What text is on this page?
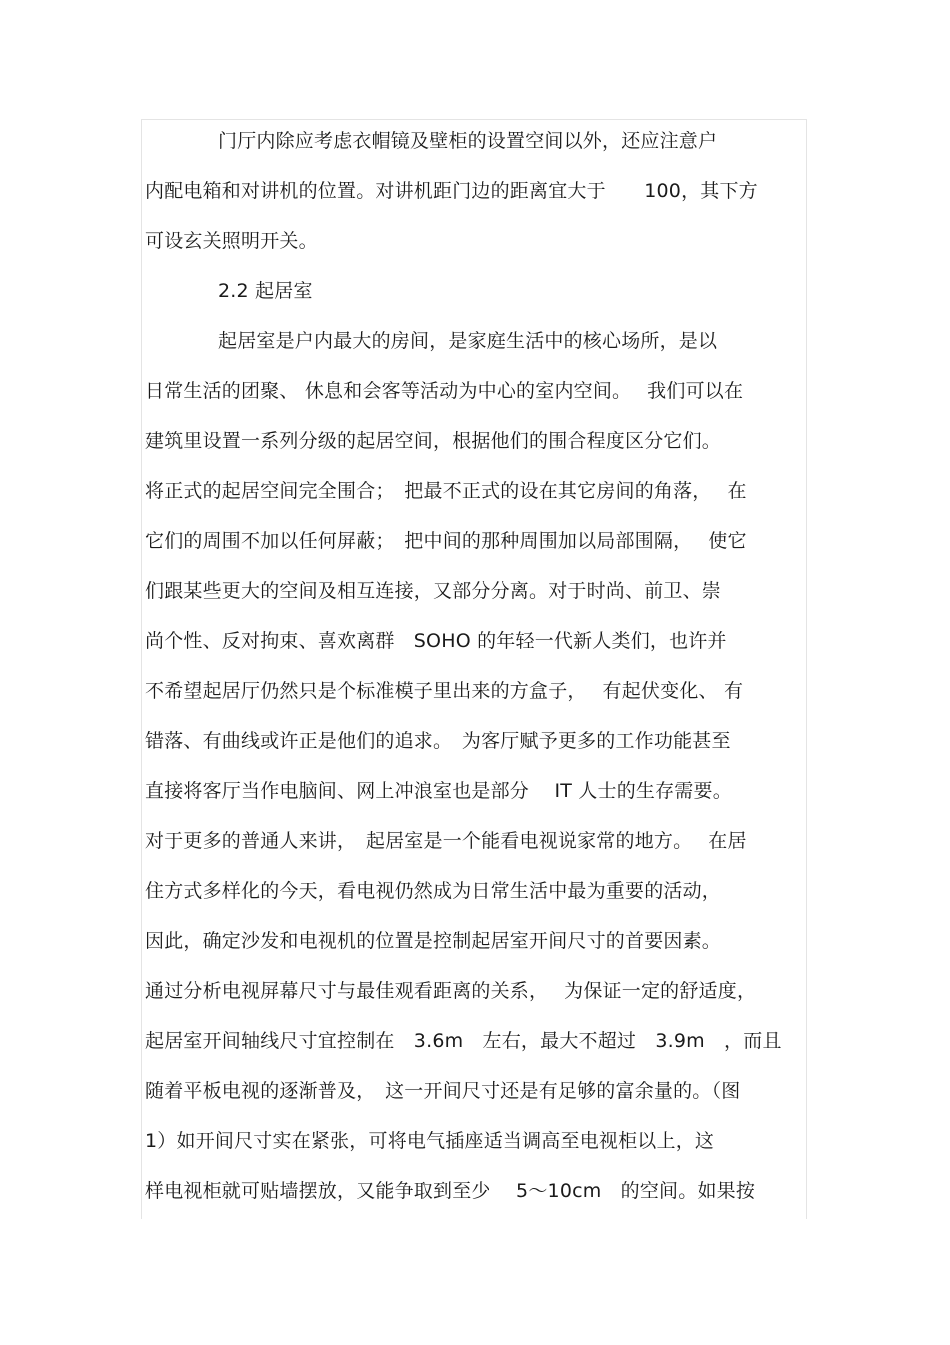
门厅内除应考虑衣帽镜及壁柜的设置空间以外，还应注意户
内配电箱和对讲机的位置。对讲机距门边的距离宜大于　　100，其下方
可设玄关照明开关。
2.2 起居室
起居室是户内最大的房间，是家庭生活中的核心场所，是以
日常生活的团聚、 休息和会客等活动为中心的室内空间。　 我们可以在
建筑里设置一系列分级的起居空间，根据他们的围合程度区分它们。
将正式的起居空间完全围合；　把最不正式的设在其它房间的角落，　 在
它们的周围不加以任何屏蔽；　把中间的那种周围加以局部围隔，　 使它
们跟某些更大的空间及相互连接，又部分分离。对于时尚、前卫、崇
尚个性、反对拘束、喜欢离群　SOHO 的年轻一代新人类们，也许并
不希望起居厅仍然只是个标准模子里出来的方盒子，　 有起伏变化、 有
错落、有曲线或许正是他们的追求。　为客厅赋予更多的工作功能甚至
直接将客厅当作电脑间、网上冲浪室也是部分　 IT 人士的生存需要。
对于更多的普通人来讲，　起居室是一个能看电视说家常的地方。　 在居
住方式多样化的今天，看电视仍然成为日常生活中最为重要的活动，
因此，确定沙发和电视机的位置是控制起居室开间尺寸的首要因素。
通过分析电视屏幕尺寸与最佳观看距离的关系，　 为保证一定的舒适度，
起居室开间轴线尺寸宜控制在　3.6m　左右，最大不超过　3.9m　，而且
随着平板电视的逐渐普及，　这一开间尺寸还是有足够的富余量的。（图
1）如开间尺寸实在紧张，可将电气插座适当调高至电视柜以上，这
样电视柜就可贴墙摆放，又能争取到至少　 5～10cm　的空间。如果按
